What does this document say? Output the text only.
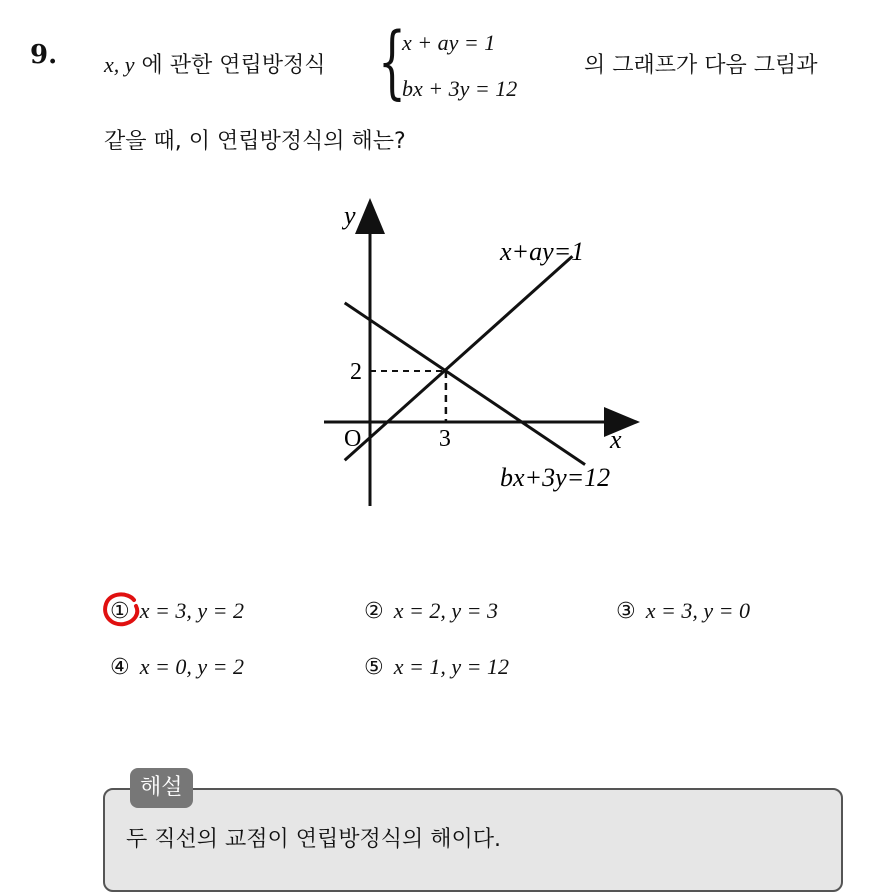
9. x, y 에 관한 연립방정식 {
x + ay = 1
bx + 3y = 12
의 그래프가 다음 그림과
같을 때, 이 연립방정식의 해는?
y
x
O	3
2
x+ay=1
bx+3y=12
① x = 3, y = 2	② x = 2, y = 3	③ x = 3, y = 0
④ x = 0, y = 2	⑤ x = 1, y = 12
해설
두 직선의 교점이 연립방정식의 해이다.
